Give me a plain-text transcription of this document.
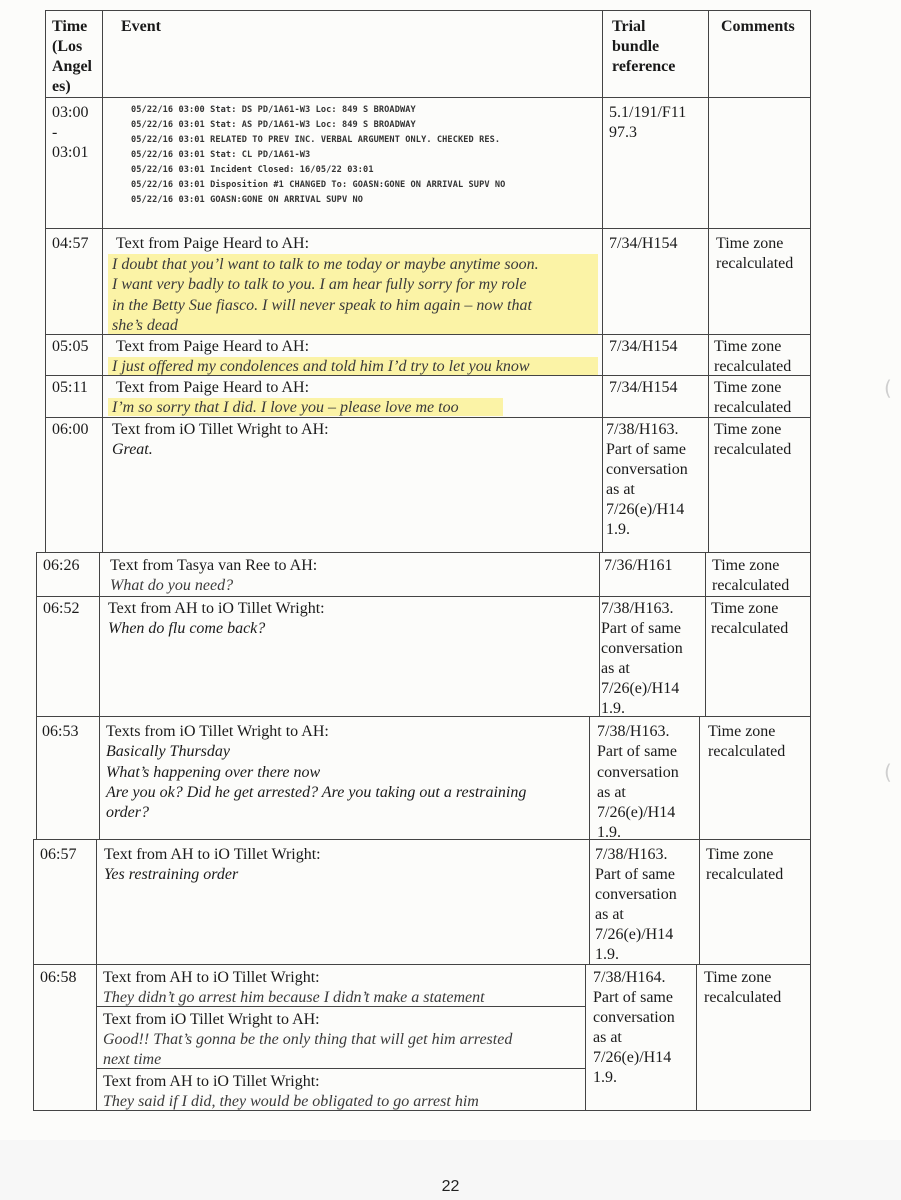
(
(
Time
(Los
Angel
es)
Event	Trial
bundle
reference
Comments
03:00
-
03:01
05/22/16 03:00 Stat: DS PD/1A61-W3 Loc: 849 S BROADWAY
05/22/16 03:01 Stat: AS PD/1A61-W3 Loc: 849 S BROADWAY
05/22/16 03:01 RELATED TO PREV INC. VERBAL ARGUMENT ONLY. CHECKED RES.
05/22/16 03:01 Stat: CL PD/1A61-W3
05/22/16 03:01 Incident Closed: 16/05/22 03:01
05/22/16 03:01 Disposition #1 CHANGED To: GOASN:GONE ON ARRIVAL SUPV NO
05/22/16 03:01 GOASN:GONE ON ARRIVAL SUPV NO
5.1/191/F11
97.3
04:57 Text from Paige Heard to AH:
I doubt that you’l want to talk to me today or maybe anytime soon.
I want very badly to talk to you. I am hear fully sorry for my role
in the Betty Sue fiasco. I will never speak to him again – now that
she’s dead
7/34/H154 Time zone
recalculated
05:05 Text from Paige Heard to AH:
I just offered my condolences and told him I’d try to let you know
7/34/H154 Time zone
recalculated
05:11 Text from Paige Heard to AH:
I’m so sorry that I did. I love you – please love me too
7/34/H154 Time zone
recalculated
06:00 Text from iO Tillet Wright to AH:
Great.
7/38/H163.
Part of same
conversation
as at
7/26(e)/H14
1.9.
Time zone
recalculated
06:26 Text from Tasya van Ree to AH:
What do you need?
7/36/H161 Time zone
recalculated
06:52 Text from AH to iO Tillet Wright:
When do flu come back?
7/38/H163.
Part of same
conversation
as at
7/26(e)/H14
1.9.
Time zone
recalculated
06:53 Texts from iO Tillet Wright to AH:
Basically Thursday
What’s happening over there now
Are you ok? Did he get arrested? Are you taking out a restraining
order?
7/38/H163.
Part of same
conversation
as at
7/26(e)/H14
1.9.
Time zone
recalculated
06:57 Text from AH to iO Tillet Wright:
Yes restraining order
7/38/H163.
Part of same
conversation
as at
7/26(e)/H14
1.9.
Time zone
recalculated
06:58 Text from AH to iO Tillet Wright:
They didn’t go arrest him because I didn’t make a statement
Text from iO Tillet Wright to AH:
Good!! That’s gonna be the only thing that will get him arrested
next time
Text from AH to iO Tillet Wright:
They said if I did, they would be obligated to go arrest him
7/38/H164.
Part of same
conversation
as at
7/26(e)/H14
1.9.
Time zone
recalculated
22
